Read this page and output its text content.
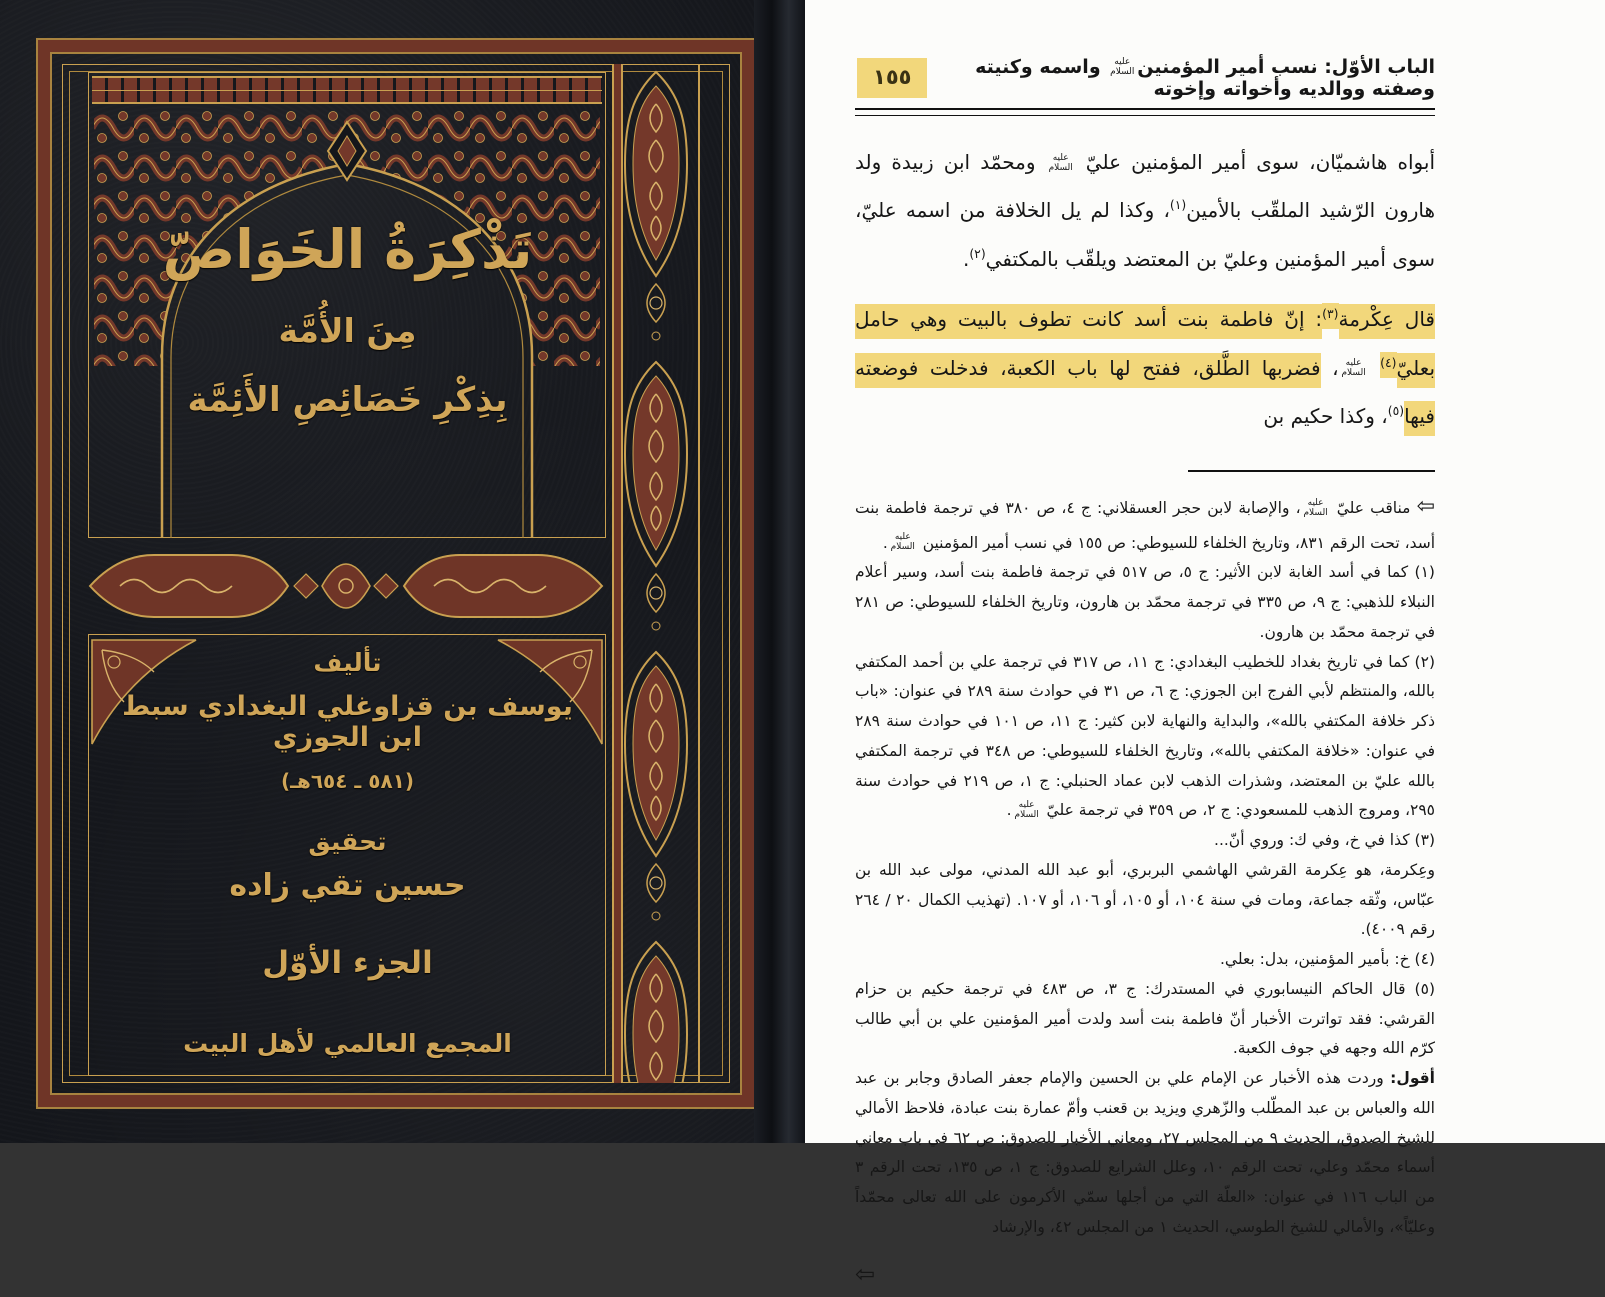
تَذْكِرَةُ الخَوَاصّ
مِنَ الأُمَّة
بِذِكْرِ خَصَائِصِ الأَئِمَّة
تأليف
يوسف بن قزاوغلي البغدادي سبط ابن الجوزي
(٥٨١ ـ ٦٥٤هـ)
تحقيق
حسين تقي زاده
الجزء الأوّل
المجمع العالمي لأهل البيت
الباب الأوّل: نسب أمير المؤمنينعليه السلام واسمه وكنيته وصفته ووالديه وأخواته وإخوته
١٥٥

أبواه هاشميّان، سوى أمير المؤمنين عليّ عليه السلام ومحمّد ابن زبيدة ولد هارون الرّشيد الملقّب بالأمين$^{(١)}$، وكذا لم يل الخلافة من اسمه عليّ، سوى أمير المؤمنين وعليّ بن المعتضد ويلقّب بالمكتفي$^{(٢)}$.

قال عِكْرمة$^{(٣)}$: إنّ فاطمة بنت أسد كانت تطوف بالبيت وهي حامل بعليّ$^{(٤)}$ عليه السلام، فضربها الطَّلق، ففتح لها باب الكعبة، فدخلت فوضعته فيها$^{(٥)}$، وكذا حكيم بن

⇦ مناقب عليّ عليه السلام، والإصابة لابن حجر العسقلاني: ج ٤، ص ٣٨٠ في ترجمة فاطمة بنت أسد، تحت الرقم ٨٣١، وتاريخ الخلفاء للسيوطي: ص ١٥٥ في نسب أمير المؤمنين عليه السلام.

(١) كما في أسد الغابة لابن الأثير: ج ٥، ص ٥١٧ في ترجمة فاطمة بنت أسد، وسير أعلام النبلاء للذهبي: ج ٩، ص ٣٣٥ في ترجمة محمّد بن هارون، وتاريخ الخلفاء للسيوطي: ص ٢٨١ في ترجمة محمّد بن هارون.

(٢) كما في تاريخ بغداد للخطيب البغدادي: ج ١١، ص ٣١٧ في ترجمة علي بن أحمد المكتفي بالله، والمنتظم لأبي الفرج ابن الجوزي: ج ٦، ص ٣١ في حوادث سنة ٢٨٩ في عنوان: «باب ذكر خلافة المكتفي بالله»، والبداية والنهاية لابن كثير: ج ١١، ص ١٠١ في حوادث سنة ٢٨٩ في عنوان: «خلافة المكتفي بالله»، وتاريخ الخلفاء للسيوطي: ص ٣٤٨ في ترجمة المكتفي بالله عليّ بن المعتضد، وشذرات الذهب لابن عماد الحنبلي: ج ١، ص ٢١٩ في حوادث سنة ٢٩٥، ومروج الذهب للمسعودي: ج ٢، ص ٣٥٩ في ترجمة عليّ عليه السلام.

(٣) كذا في خ، وفي ك: وروي أنّ...

وعِكرمة، هو عِكرمة القرشي الهاشمي البربري، أبو عبد الله المدني، مولى عبد الله بن عبّاس، وثّقه جماعة، ومات في سنة ١٠٤، أو ١٠٥، أو ١٠٦، أو ١٠٧. (تهذيب الكمال ٢٠ / ٢٦٤ رقم ٤٠٠٩).

(٤) خ: بأمير المؤمنين، بدل: بعلي.

(٥) قال الحاكم النيسابوري في المستدرك: ج ٣، ص ٤٨٣ في ترجمة حكيم بن حزام القرشي: فقد تواترت الأخبار أنّ فاطمة بنت أسد ولدت أمير المؤمنين علي بن أبي طالب كرّم الله وجهه في جوف الكعبة.

أقول: وردت هذه الأخبار عن الإمام علي بن الحسين والإمام جعفر الصادق وجابر بن عبد الله والعباس بن عبد المطّلب والزّهري ويزيد بن قعنب وأمّ عمارة بنت عبادة، فلاحظ الأمالي للشيخ الصدوق، الحديث ٩ من المجلس ٢٧، ومعاني الأخبار للصدوق: ص ٦٢ في باب معاني أسماء محمّد وعلي، تحت الرقم ١٠، وعلل الشرايع للصدوق: ج ١، ص ١٣٥، تحت الرقم ٣ من الباب ١١٦ في عنوان: «العلّة التي من أجلها سمّي الأكرمون على الله تعالى محمّداً وعليّاً»، والأمالي للشيخ الطوسي، الحديث ١ من المجلس ٤٢، والإرشاد

⇦
